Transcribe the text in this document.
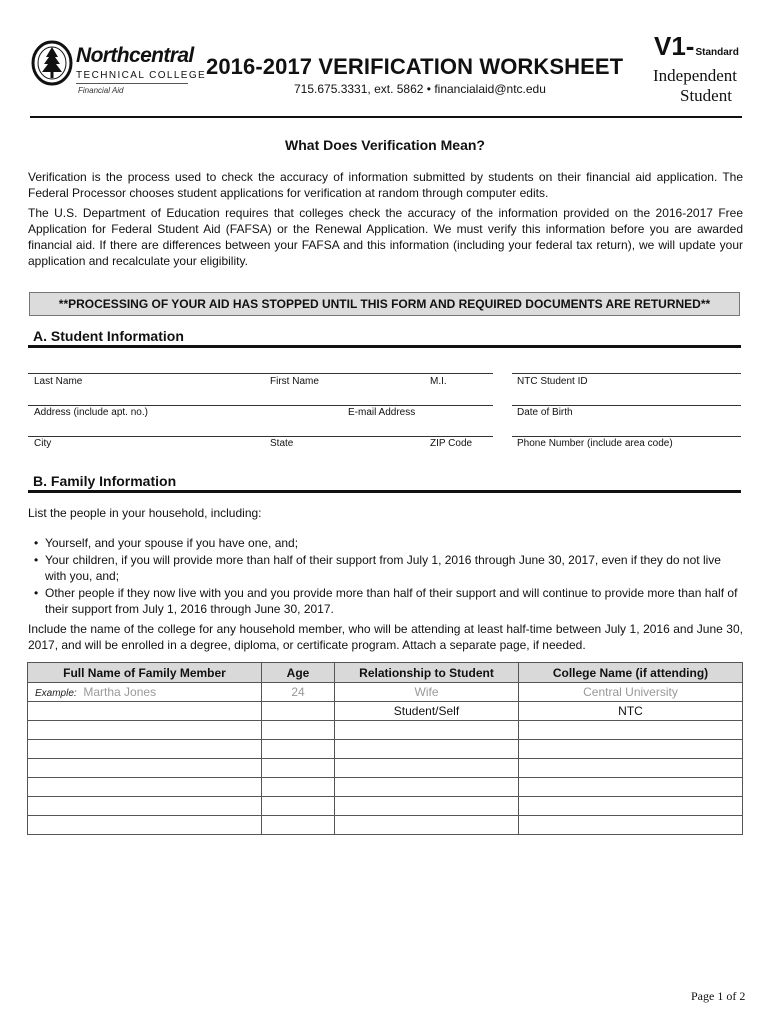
Northcentral
TECHNICAL COLLEGE
Financial Aid
2016-2017 VERIFICATION WORKSHEET
715.675.3331, ext. 5862 • financialaid@ntc.edu
V1-Standard
Independent
Student
What Does Verification Mean?
Verification is the process used to check the accuracy of information submitted by students on their financial aid application. The Federal Processor chooses student applications for verification at random through computer edits.
The U.S. Department of Education requires that colleges check the accuracy of the information provided on the 2016-2017 Free Application for Federal Student Aid (FAFSA) or the Renewal Application. We must verify this information before you are awarded financial aid. If there are differences between your FAFSA and this information (including your federal tax return), we will update your application and recalculate your eligibility.
**PROCESSING OF YOUR AID HAS STOPPED UNTIL THIS FORM AND REQUIRED DOCUMENTS ARE RETURNED**
A. Student Information
Last Name	First Name	M.I.	NTC Student ID
Address (include apt. no.)	E-mail Address	Date of Birth
City	State	ZIP Code	Phone Number (include area code)
B. Family Information
List the people in your household, including:
• Yourself, and your spouse if you have one, and;
• Your children, if you will provide more than half of their support from July 1, 2016 through June 30, 2017, even if they do not live with you, and;
• Other people if they now live with you and you provide more than half of their support and will continue to provide more than half of their support from July 1, 2016 through June 30, 2017.
Include the name of the college for any household member, who will be attending at least half-time between July 1, 2016 and June 30, 2017, and will be enrolled in a degree, diploma, or certificate program. Attach a separate page, if needed.
Full Name of Family Member	Age	Relationship to Student	College Name (if attending)
Example: Martha Jones	24	Wife	Central University
		Student/Self	NTC

Page 1 of 2
